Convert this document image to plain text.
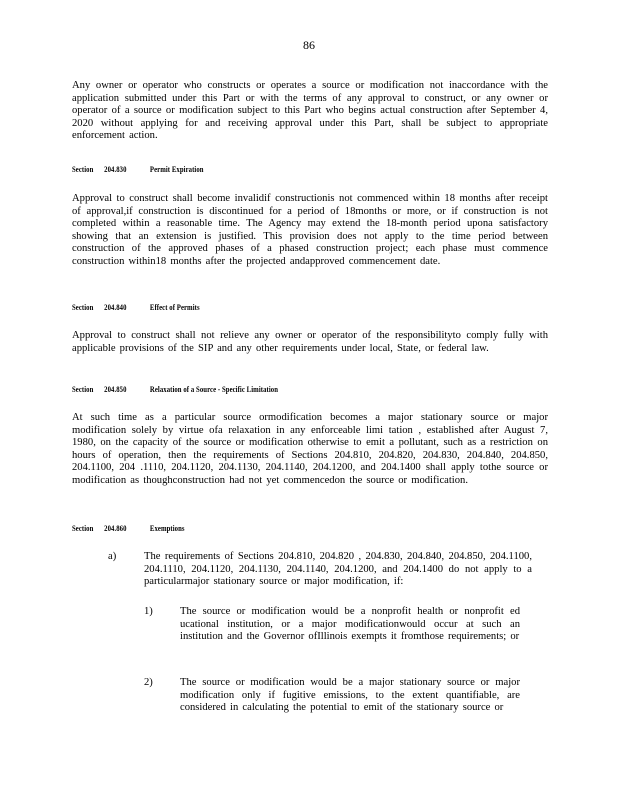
86

Any owner or operator who constructs or operates a source or modification not inaccordance with the application submitted under this Part or with the terms of any approval to construct, or any owner or operator of a source or modification subject to this Part who begins actual construction after September 4, 2020 without applying for and receiving approval under this Part, shall be subject to appropriate enforcement action.

Section 204.830	Permit Expiration

Approval to construct shall become invalidif constructionis not commenced within 18 months after receipt of approval,if construction is discontinued for a period of 18months or more, or if construction is not completed within a reasonable time. The Agency may extend the 18-month period upona satisfactory showing that an extension is justified. This provision does not apply to the time period between construction of the approved phases of a phased construction project; each phase must commence construction within18 months after the projected andapproved commencement date.

Section 204.840	Effect of Permits

Approval to construct shall not relieve any owner or operator of the responsibilityto comply fully with applicable provisions of the SIP and any other requirements under local, State, or federal law.

Section 204.850	Relaxation of a Source - Specific Limitation

At such time as a particular source ormodification becomes a major stationary source or major modification solely by virtue ofa relaxation in any enforceable limi tation , established after August 7, 1980, on the capacity of the source or modification otherwise to emit a pollutant, such as a restriction on hours of operation, then the requirements of Sections 204.810, 204.820, 204.830, 204.840, 204.850, 204.1100, 204 .1110, 204.1120, 204.1130, 204.1140, 204.1200, and 204.1400 shall apply tothe source or modification as thoughconstruction had not yet commencedon the source or modification.

Section 204.860	Exemptions

a)	The requirements of Sections 204.810, 204.820 , 204.830, 204.840, 204.850, 204.1100, 204.1110, 204.1120, 204.1130, 204.1140, 204.1200, and 204.1400 do not apply to a particularmajor stationary source or major modification, if:

1)	The source or modification would be a nonprofit health or nonprofit ed ucational institution, or a major modificationwould occur at such an institution and the Governor ofIllinois exempts it fromthose requirements; or

2)	The source or modification would be a major stationary source or major modification only if fugitive emissions, to the extent quantifiable, are considered in calculating the potential to emit of the stationary source or
